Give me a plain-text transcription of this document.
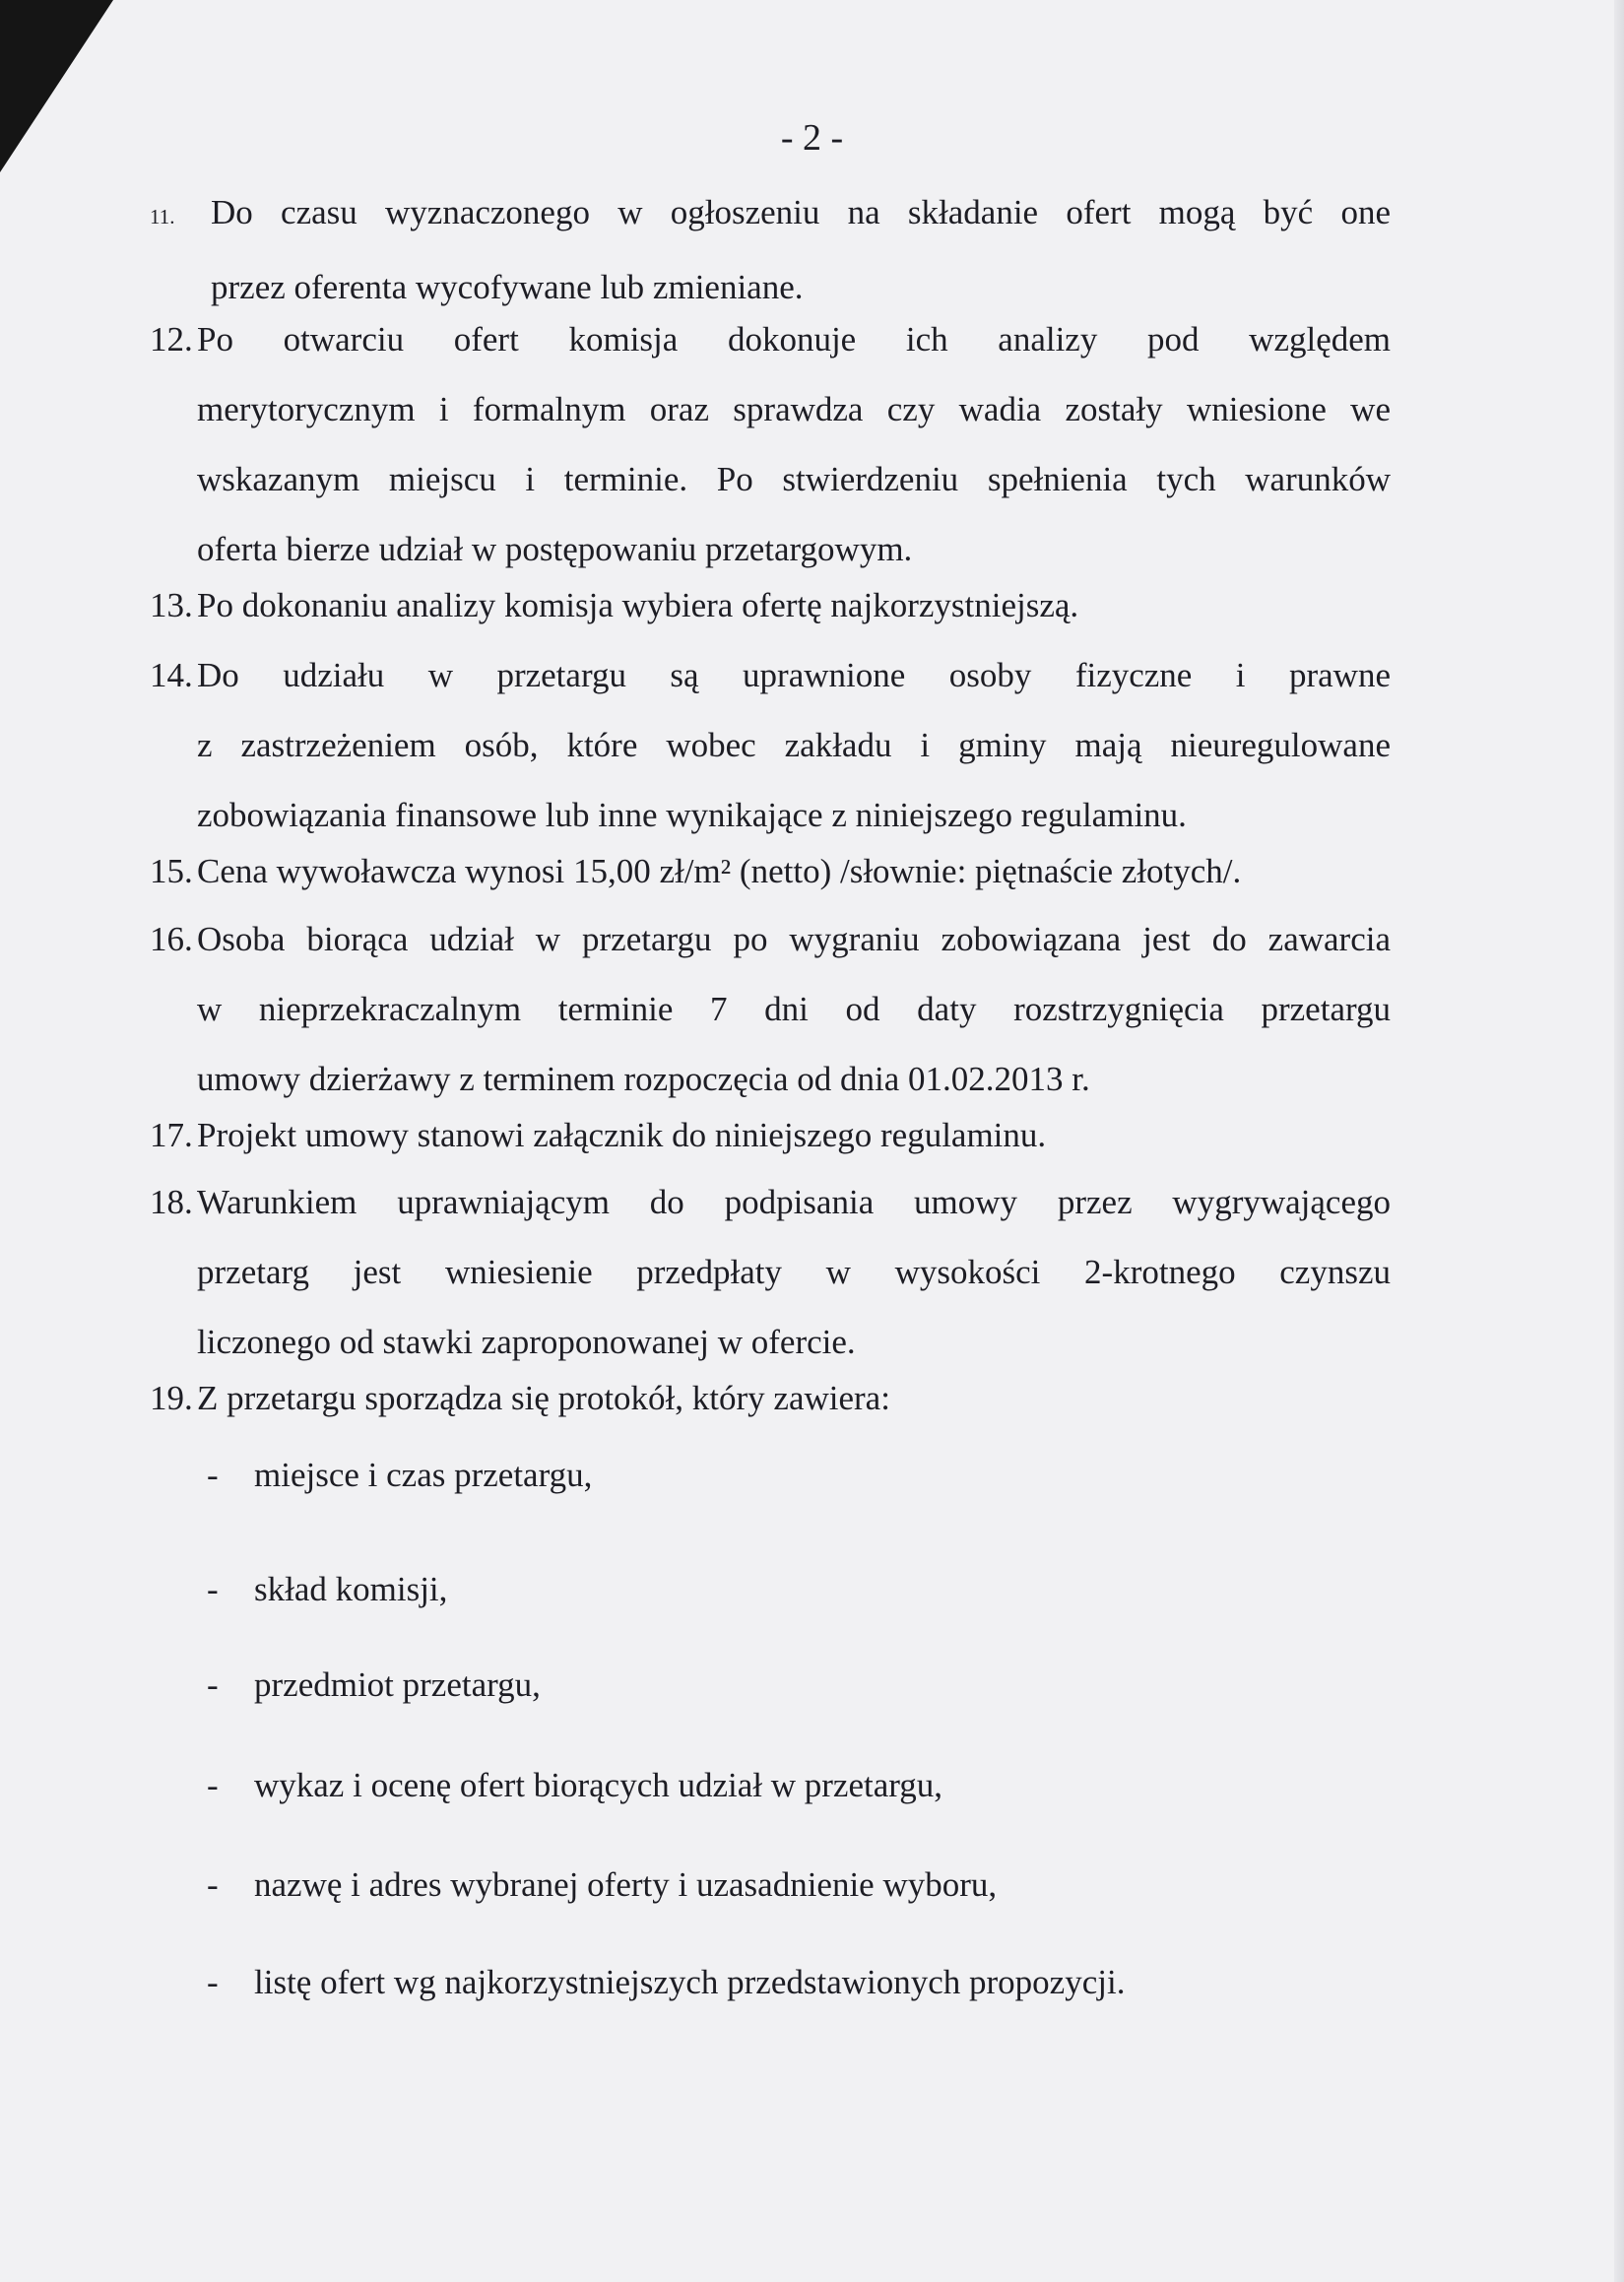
- 2 -
11. Do czasu wyznaczonego w ogłoszeniu na składanie ofert mogą być one
przez oferenta wycofywane lub zmieniane.
12. Po otwarciu ofert komisja dokonuje ich analizy pod względem
merytorycznym i formalnym oraz sprawdza czy wadia zostały wniesione we
wskazanym miejscu i terminie. Po stwierdzeniu spełnienia tych warunków
oferta bierze udział w postępowaniu przetargowym.
13. Po dokonaniu analizy komisja wybiera ofertę najkorzystniejszą.
14. Do udziału w przetargu są uprawnione osoby fizyczne i prawne
z zastrzeżeniem osób, które wobec zakładu i gminy mają nieuregulowane
zobowiązania finansowe lub inne wynikające z niniejszego regulaminu.
15. Cena wywoławcza wynosi 15,00 zł/m² (netto) /słownie: piętnaście złotych/.
16. Osoba biorąca udział w przetargu po wygraniu zobowiązana jest do zawarcia
w nieprzekraczalnym terminie 7 dni od daty rozstrzygnięcia przetargu
umowy dzierżawy z terminem rozpoczęcia od dnia 01.02.2013 r.
17. Projekt umowy stanowi załącznik do niniejszego regulaminu.
18. Warunkiem uprawniającym do podpisania umowy przez wygrywającego
przetarg jest wniesienie przedpłaty w wysokości 2-krotnego czynszu
liczonego od stawki zaproponowanej w ofercie.
19. Z przetargu sporządza się protokół, który zawiera:
- miejsce i czas przetargu,
- skład komisji,
- przedmiot przetargu,
- wykaz i ocenę ofert biorących udział w przetargu,
- nazwę i adres wybranej oferty i uzasadnienie wyboru,
- listę ofert wg najkorzystniejszych przedstawionych propozycji.
